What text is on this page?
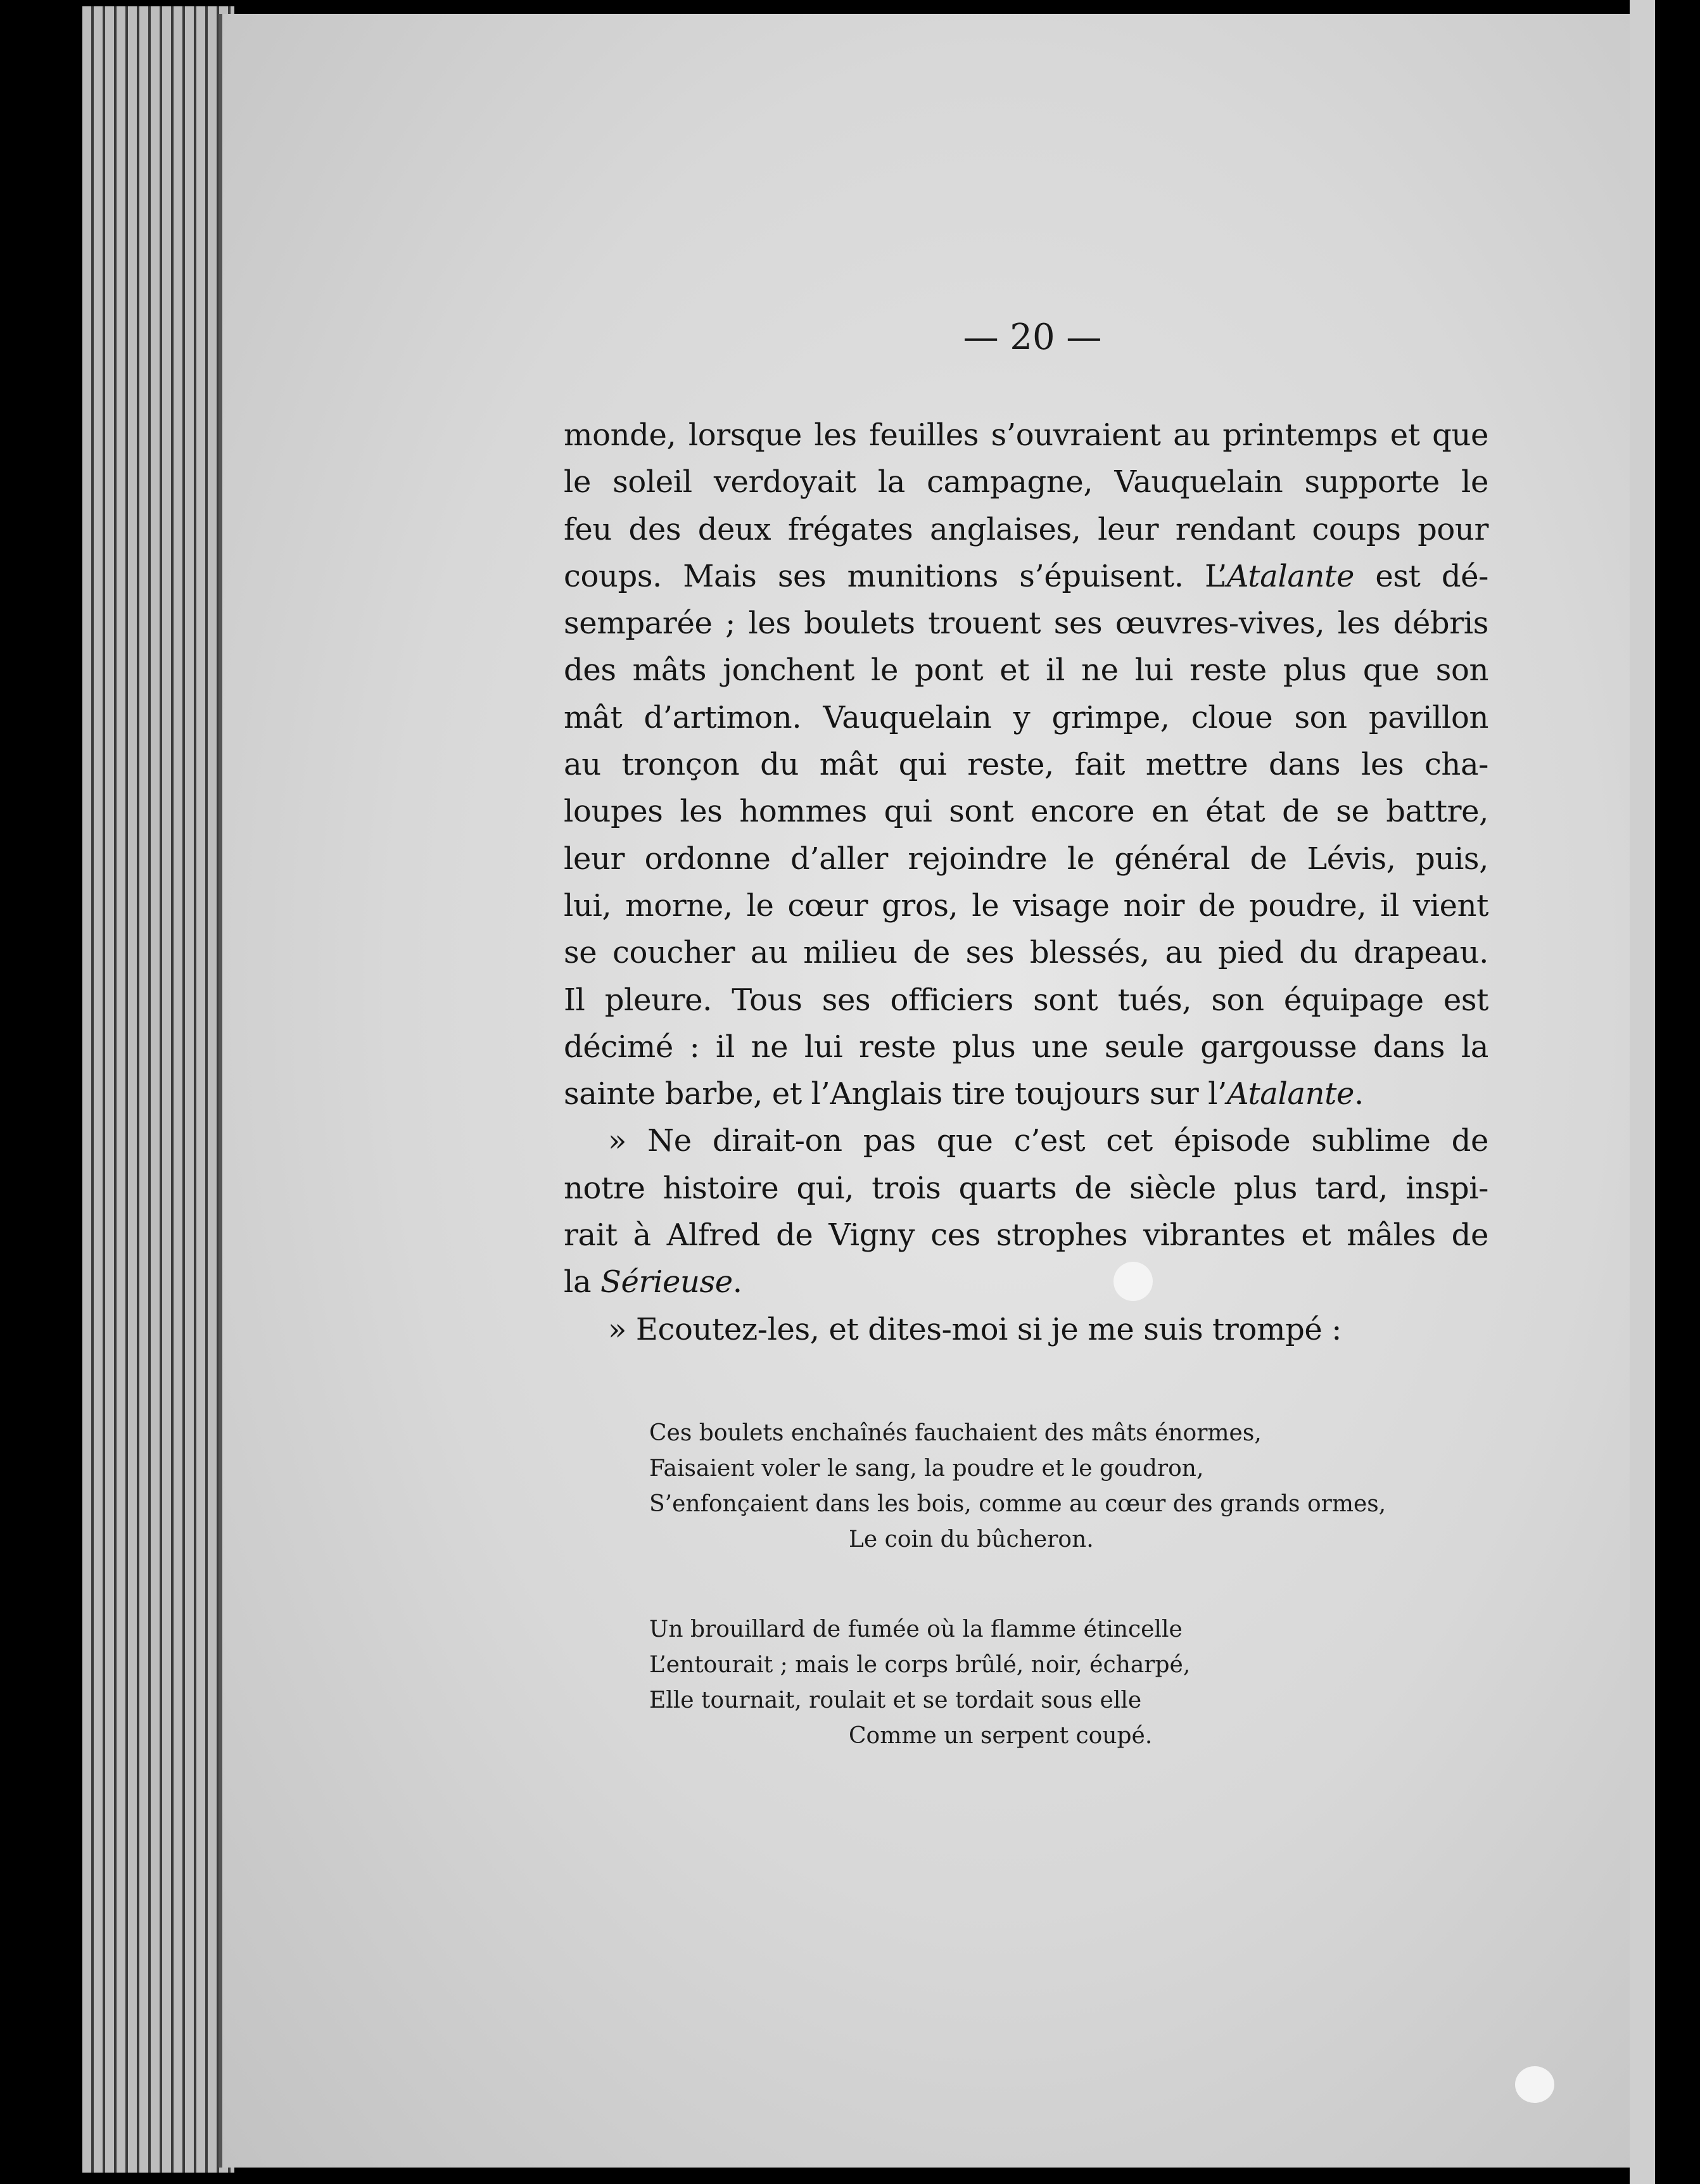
— 20 —
monde, lorsque les feuilles s’ouvraient au printemps et que
le soleil verdoyait la campagne, Vauquelain supporte le
feu des deux frégates anglaises, leur rendant coups pour
coups. Mais ses munitions s’épuisent. L’Atalante est dé-
semparée ; les boulets trouent ses œuvres-vives, les débris
des mâts jonchent le pont et il ne lui reste plus que son
mât d’artimon. Vauquelain y grimpe, cloue son pavillon
au tronçon du mât qui reste, fait mettre dans les cha-
loupes les hommes qui sont encore en état de se battre,
leur ordonne d’aller rejoindre le général de Lévis, puis,
lui, morne, le cœur gros, le visage noir de poudre, il vient
se coucher au milieu de ses blessés, au pied du drapeau.
Il pleure. Tous ses officiers sont tués, son équipage est
décimé : il ne lui reste plus une seule gargousse dans la
sainte barbe, et l’Anglais tire toujours sur l’Atalante.
» Ne dirait-on pas que c’est cet épisode sublime de
notre histoire qui, trois quarts de siècle plus tard, inspi-
rait à Alfred de Vigny ces strophes vibrantes et mâles de
la Sérieuse.
» Ecoutez-les, et dites-moi si je me suis trompé :
Ces boulets enchaînés fauchaient des mâts énormes,
Faisaient voler le sang, la poudre et le goudron,
S’enfonçaient dans les bois, comme au cœur des grands ormes,
Le coin du bûcheron.
Un brouillard de fumée où la flamme étincelle
L’entourait ; mais le corps brûlé, noir, écharpé,
Elle tournait, roulait et se tordait sous elle
Comme un serpent coupé.
